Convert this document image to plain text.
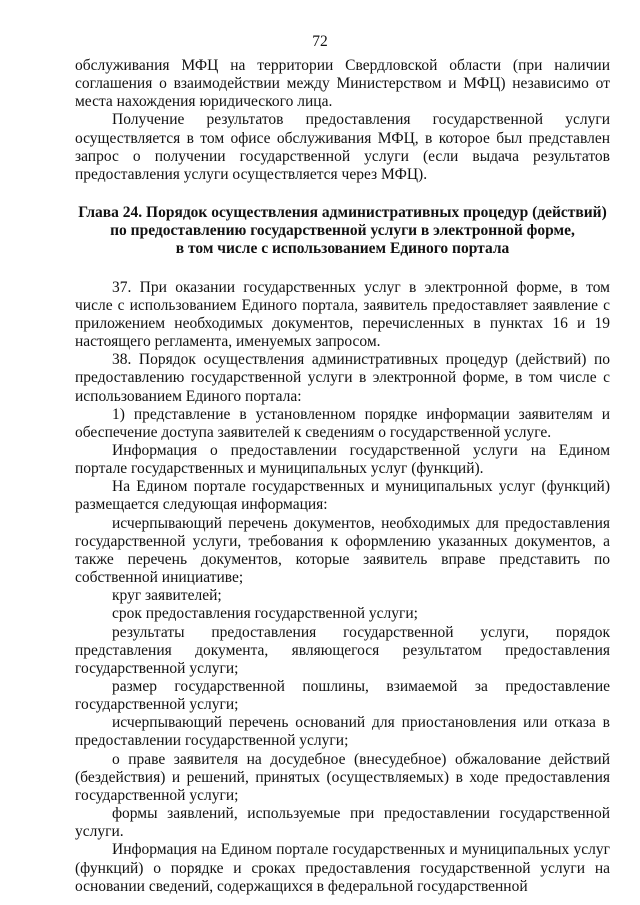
72

обслуживания МФЦ на территории Свердловской области (при наличии соглашения о взаимодействии между Министерством и МФЦ) независимо от места нахождения юридического лица.

Получение результатов предоставления государственной услуги осуществляется в том офисе обслуживания МФЦ, в которое был представлен запрос о получении государственной услуги (если выдача результатов предоставления услуги осуществляется через МФЦ).

Глава 24. Порядок осуществления административных процедур (действий)
по предоставлению государственной услуги в электронной форме,
в том числе с использованием Единого портала

37. При оказании государственных услуг в электронной форме, в том числе с использованием Единого портала, заявитель предоставляет заявление с приложением необходимых документов, перечисленных в пунктах 16 и 19 настоящего регламента, именуемых запросом.

38. Порядок осуществления административных процедур (действий) по предоставлению государственной услуги в электронной форме, в том числе с использованием Единого портала:

1) представление в установленном порядке информации заявителям и обеспечение доступа заявителей к сведениям о государственной услуге.

Информация о предоставлении государственной услуги на Едином портале государственных и муниципальных услуг (функций).

На Едином портале государственных и муниципальных услуг (функций) размещается следующая информация:

исчерпывающий перечень документов, необходимых для предоставления государственной услуги, требования к оформлению указанных документов, а также перечень документов, которые заявитель вправе представить по собственной инициативе;

круг заявителей;

срок предоставления государственной услуги;

результаты предоставления государственной услуги, порядок представления документа, являющегося результатом предоставления государственной услуги;

размер государственной пошлины, взимаемой за предоставление государственной услуги;

исчерпывающий перечень оснований для приостановления или отказа в предоставлении государственной услуги;

о праве заявителя на досудебное (внесудебное) обжалование действий (бездействия) и решений, принятых (осуществляемых) в ходе предоставления государственной услуги;

формы заявлений, используемые при предоставлении государственной услуги.

Информация на Едином портале государственных и муниципальных услуг (функций) о порядке и сроках предоставления государственной услуги на основании сведений, содержащихся в федеральной государственной
